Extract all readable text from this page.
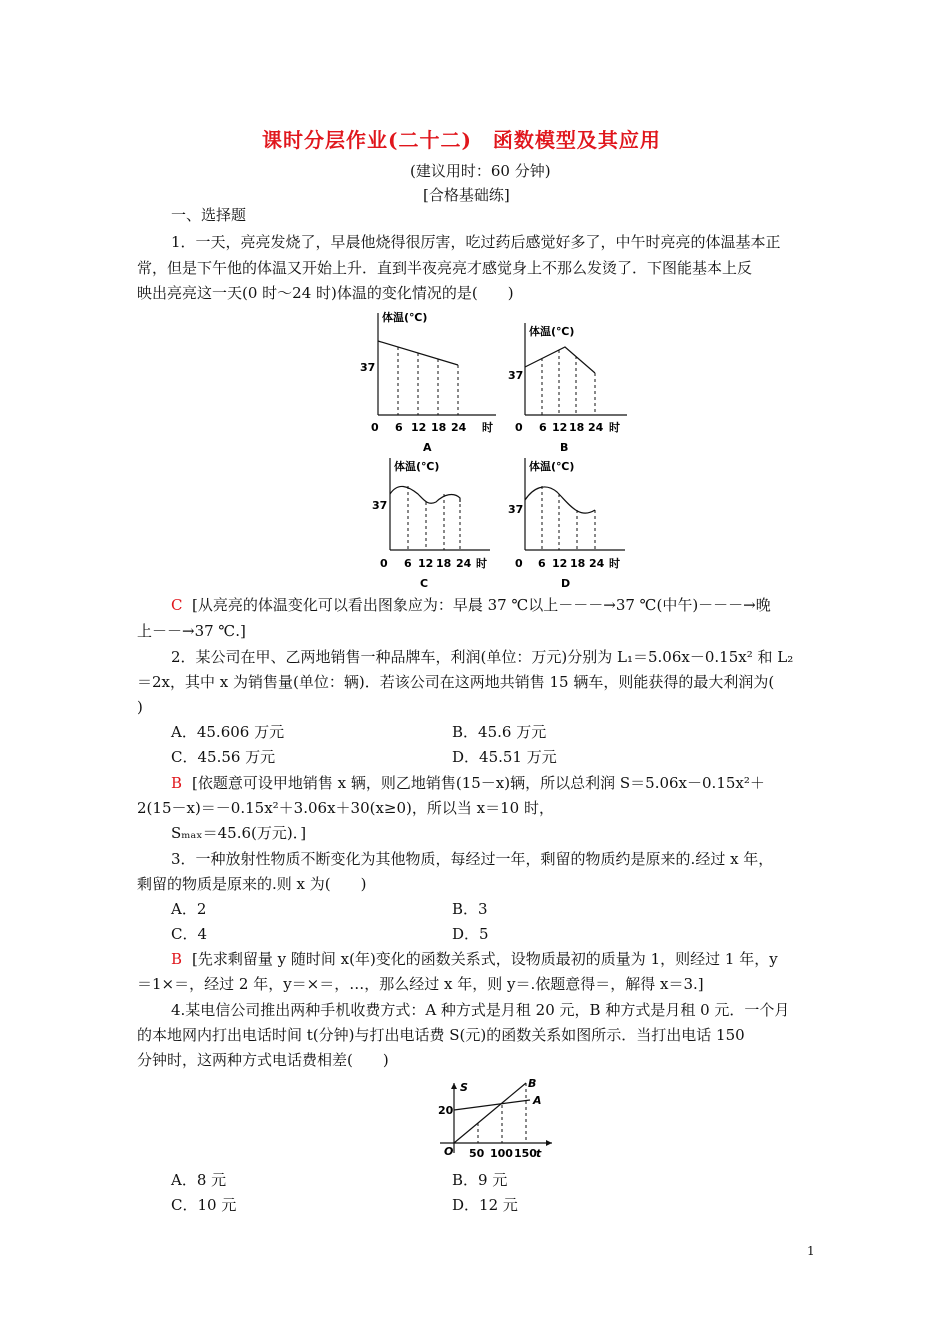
课时分层作业(二十二)　函数模型及其应用
(建议用时：60 分钟)
[合格基础练]
一、选择题
1．一天，亮亮发烧了，早晨他烧得很厉害，吃过药后感觉好多了，中午时亮亮的体温基本正
常，但是下午他的体温又开始上升．直到半夜亮亮才感觉身上不那么发烫了．下图能基本上反
映出亮亮这一天(0 时～24 时)体温的变化情况的是(　　)
体温(℃)
37
0 6 12 18 24 时
A
体温(℃)
37
0 6 12 18 24 时
B
体温(℃)
37
0 6 12 18 24 时
C
体温(℃)
37
0 6 12 18 24 时
D
C [从亮亮的体温变化可以看出图象应为：早晨 37 ℃以上－－－→37 ℃(中午)－－－→晚
上－－→37 ℃.]
2．某公司在甲、乙两地销售一种品牌车，利润(单位：万元)分别为 L₁＝5.06x－0.15x² 和 L₂
＝2x，其中 x 为销售量(单位：辆)．若该公司在这两地共销售 15 辆车，则能获得的最大利润为(
)
A．45.606 万元	B．45.6 万元
C．45.56 万元	D．45.51 万元
B [依题意可设甲地销售 x 辆，则乙地销售(15－x)辆，所以总利润 S＝5.06x－0.15x²＋
2(15－x)＝－0.15x²＋3.06x＋30(x≥0)，所以当 x＝10 时，
Sₘₐₓ＝45.6(万元)．]
3．一种放射性物质不断变化为其他物质，每经过一年，剩留的物质约是原来的.经过 x 年，
剩留的物质是原来的.则 x 为(　　)
A．2	B．3
C．4	D．5
B [先求剩留量 y 随时间 x(年)变化的函数关系式，设物质最初的质量为 1，则经过 1 年，y
＝1×＝，经过 2 年，y＝×＝，…，那么经过 x 年，则 y＝.依题意得＝，解得 x＝3.]
4.某电信公司推出两种手机收费方式：A 种方式是月租 20 元，B 种方式是月租 0 元．一个月
的本地网内打出电话时间 t(分钟)与打出电话费 S(元)的函数关系如图所示．当打出电话 150
分钟时，这两种方式电话费相差(　　)
S
t
O
20
A
B
50 100 150
A．8 元	B．9 元
C．10 元	D．12 元
1
